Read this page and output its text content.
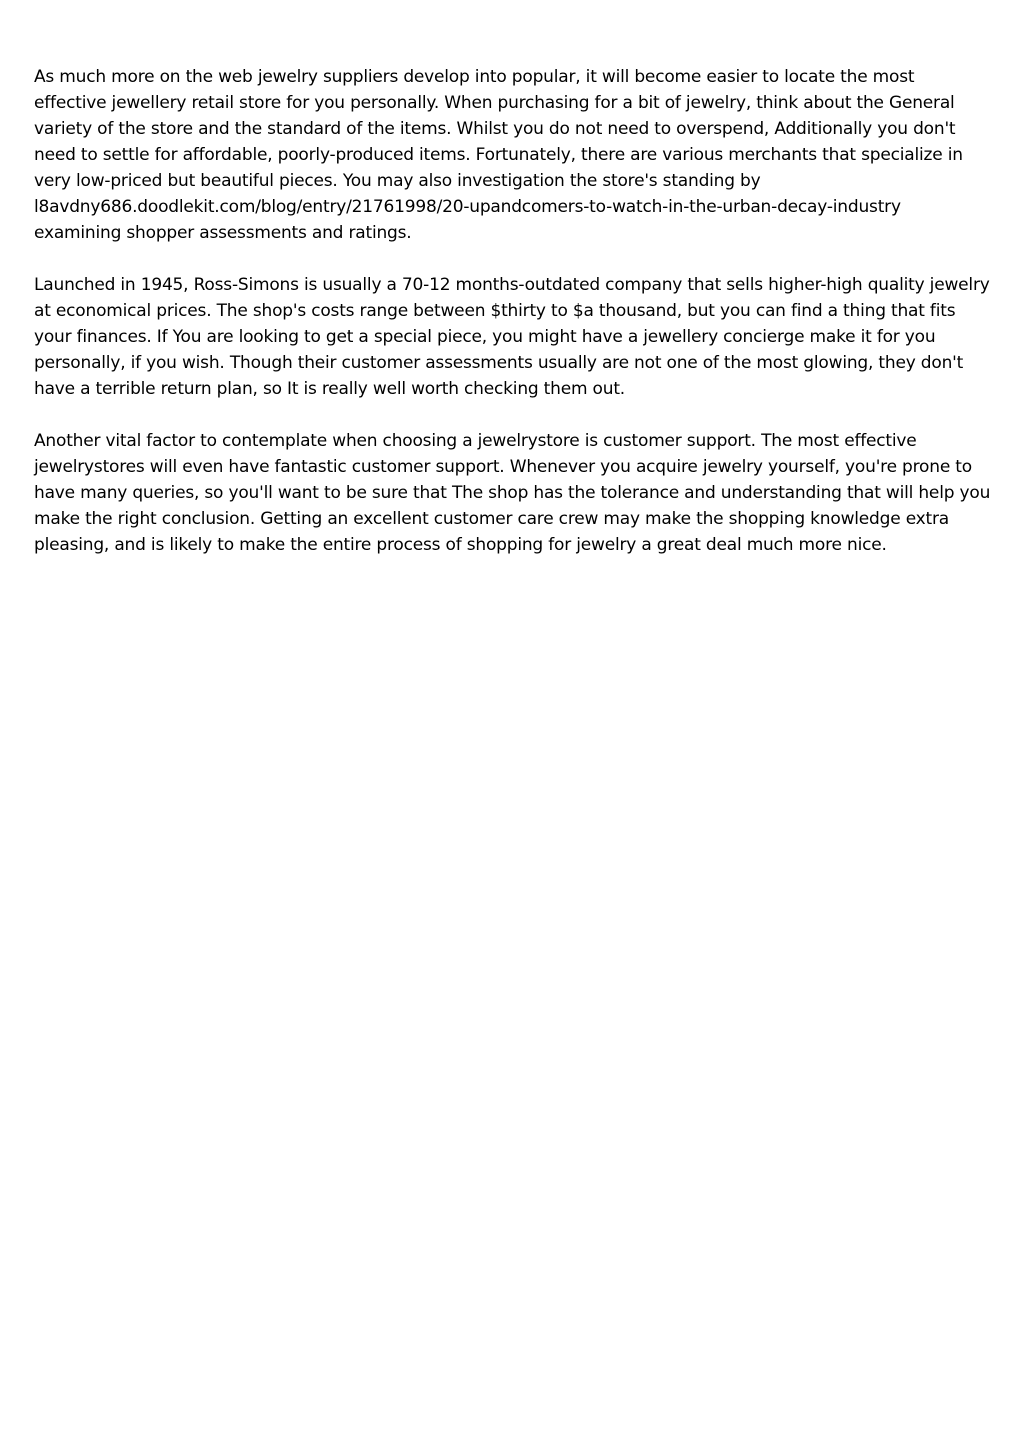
As much more on the web jewelry suppliers develop into popular, it will become easier to locate the most
effective jewellery retail store for you personally. When purchasing for a bit of jewelry, think about the General
variety of the store and the standard of the items. Whilst you do not need to overspend, Additionally you don't
need to settle for affordable, poorly-produced items. Fortunately, there are various merchants that specialize in
very low-priced but beautiful pieces. You may also investigation the store's standing by
l8avdny686.doodlekit.com/blog/entry/21761998/20-upandcomers-to-watch-in-the-urban-decay-industry
examining shopper assessments and ratings.

Launched in 1945, Ross-Simons is usually a 70-12 months-outdated company that sells higher-high quality jewelry
at economical prices. The shop's costs range between $thirty to $a thousand, but you can find a thing that fits
your finances. If You are looking to get a special piece, you might have a jewellery concierge make it for you
personally, if you wish. Though their customer assessments usually are not one of the most glowing, they don't
have a terrible return plan, so It is really well worth checking them out.

Another vital factor to contemplate when choosing a jewelrystore is customer support. The most effective
jewelrystores will even have fantastic customer support. Whenever you acquire jewelry yourself, you're prone to
have many queries, so you'll want to be sure that The shop has the tolerance and understanding that will help you
make the right conclusion. Getting an excellent customer care crew may make the shopping knowledge extra
pleasing, and is likely to make the entire process of shopping for jewelry a great deal much more nice.
